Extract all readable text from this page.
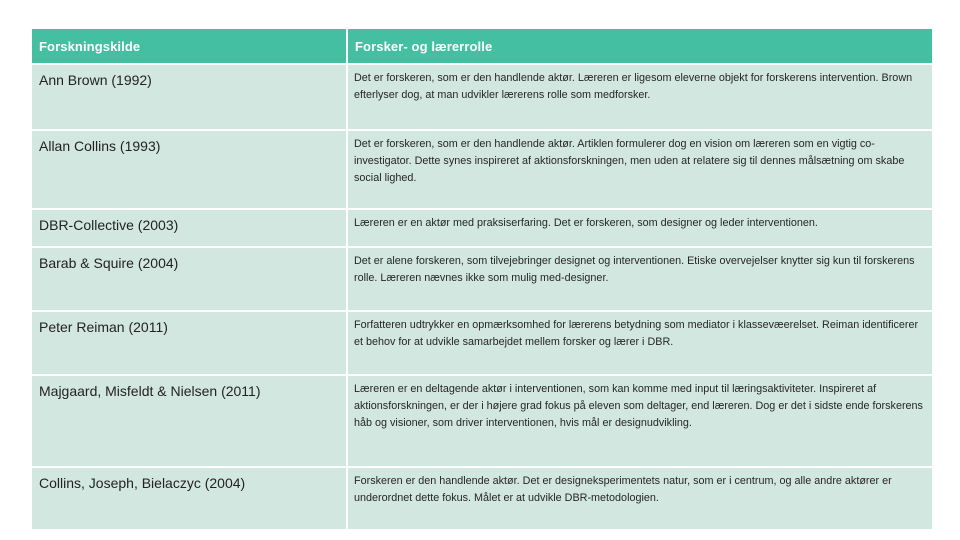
Forskningskilde	Forsker- og lærerrolle
Ann Brown (1992)	Det er forskeren, som er den handlende aktør. Læreren er ligesom eleverne objekt for forskerens intervention. Brown efterlyser dog, at man udvikler lærerens rolle som medforsker.
Allan Collins (1993)	Det er forskeren, som er den handlende aktør. Artiklen formulerer dog en vision om læreren som en vigtig co-investigator. Dette synes inspireret af aktionsforskningen, men uden at relatere sig til dennes målsætning om skabe social lighed.
DBR-Collective (2003)	Læreren er en aktør med praksiserfaring. Det er forskeren, som designer og leder interventionen.
Barab & Squire (2004)	Det er alene forskeren, som tilvejebringer designet og interventionen. Etiske overvejelser knytter sig kun til forskerens rolle. Læreren nævnes ikke som mulig med-designer.
Peter Reiman (2011)	Forfatteren udtrykker en opmærksomhed for lærerens betydning som mediator i klassevæerelset. Reiman identificerer et behov for at udvikle samarbejdet mellem forsker og lærer i DBR.
Majgaard, Misfeldt & Nielsen (2011)	Læreren er en deltagende aktør i interventionen, som kan komme med input til læringsaktiviteter. Inspireret af aktionsforskningen, er der i højere grad fokus på eleven som deltager, end læreren. Dog er det i sidste ende forskerens håb og visioner, som driver interventionen, hvis mål er designudvikling.
Collins, Joseph, Bielaczyc (2004)	Forskeren er den handlende aktør. Det er designeksperimentets natur, som er i centrum, og alle andre aktører er underordnet dette fokus. Målet er at udvikle DBR-metodologien.
